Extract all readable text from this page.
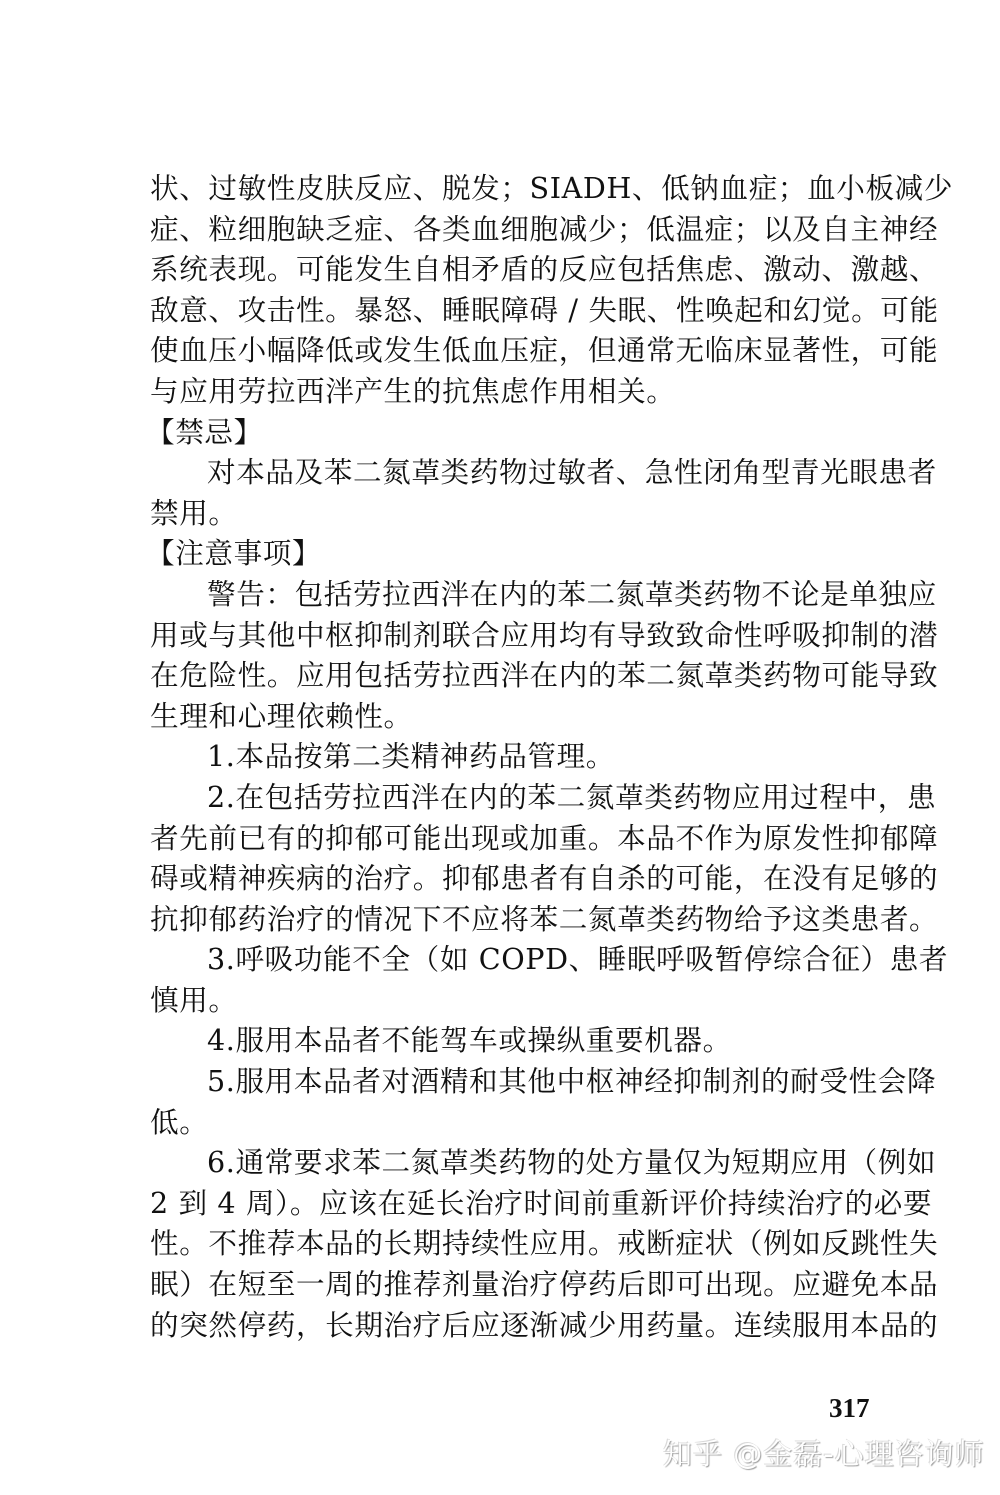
状、过敏性皮肤反应、脱发；SIADH、低钠血症；血小板减少
症、粒细胞缺乏症、各类血细胞减少；低温症；以及自主神经
系统表现。可能发生自相矛盾的反应包括焦虑、激动、激越、
敌意、攻击性。暴怒、睡眠障碍 / 失眠、性唤起和幻觉。可能
使血压小幅降低或发生低血压症，但通常无临床显著性，可能
与应用劳拉西泮产生的抗焦虑作用相关。
【禁忌】
对本品及苯二氮䓬类药物过敏者、急性闭角型青光眼患者
禁用。
【注意事项】
警告：包括劳拉西泮在内的苯二氮䓬类药物不论是单独应
用或与其他中枢抑制剂联合应用均有导致致命性呼吸抑制的潜
在危险性。应用包括劳拉西泮在内的苯二氮䓬类药物可能导致
生理和心理依赖性。
1.本品按第二类精神药品管理。
2.在包括劳拉西泮在内的苯二氮䓬类药物应用过程中，患
者先前已有的抑郁可能出现或加重。本品不作为原发性抑郁障
碍或精神疾病的治疗。抑郁患者有自杀的可能，在没有足够的
抗抑郁药治疗的情况下不应将苯二氮䓬类药物给予这类患者。
3.呼吸功能不全（如 COPD、睡眠呼吸暂停综合征）患者
慎用。
4.服用本品者不能驾车或操纵重要机器。
5.服用本品者对酒精和其他中枢神经抑制剂的耐受性会降
低。
6.通常要求苯二氮䓬类药物的处方量仅为短期应用（例如
2 到 4 周）。应该在延长治疗时间前重新评价持续治疗的必要
性。不推荐本品的长期持续性应用。戒断症状（例如反跳性失
眠）在短至一周的推荐剂量治疗停药后即可出现。应避免本品
的突然停药，长期治疗后应逐渐减少用药量。连续服用本品的
317
知乎 @金磊-心理咨询师
